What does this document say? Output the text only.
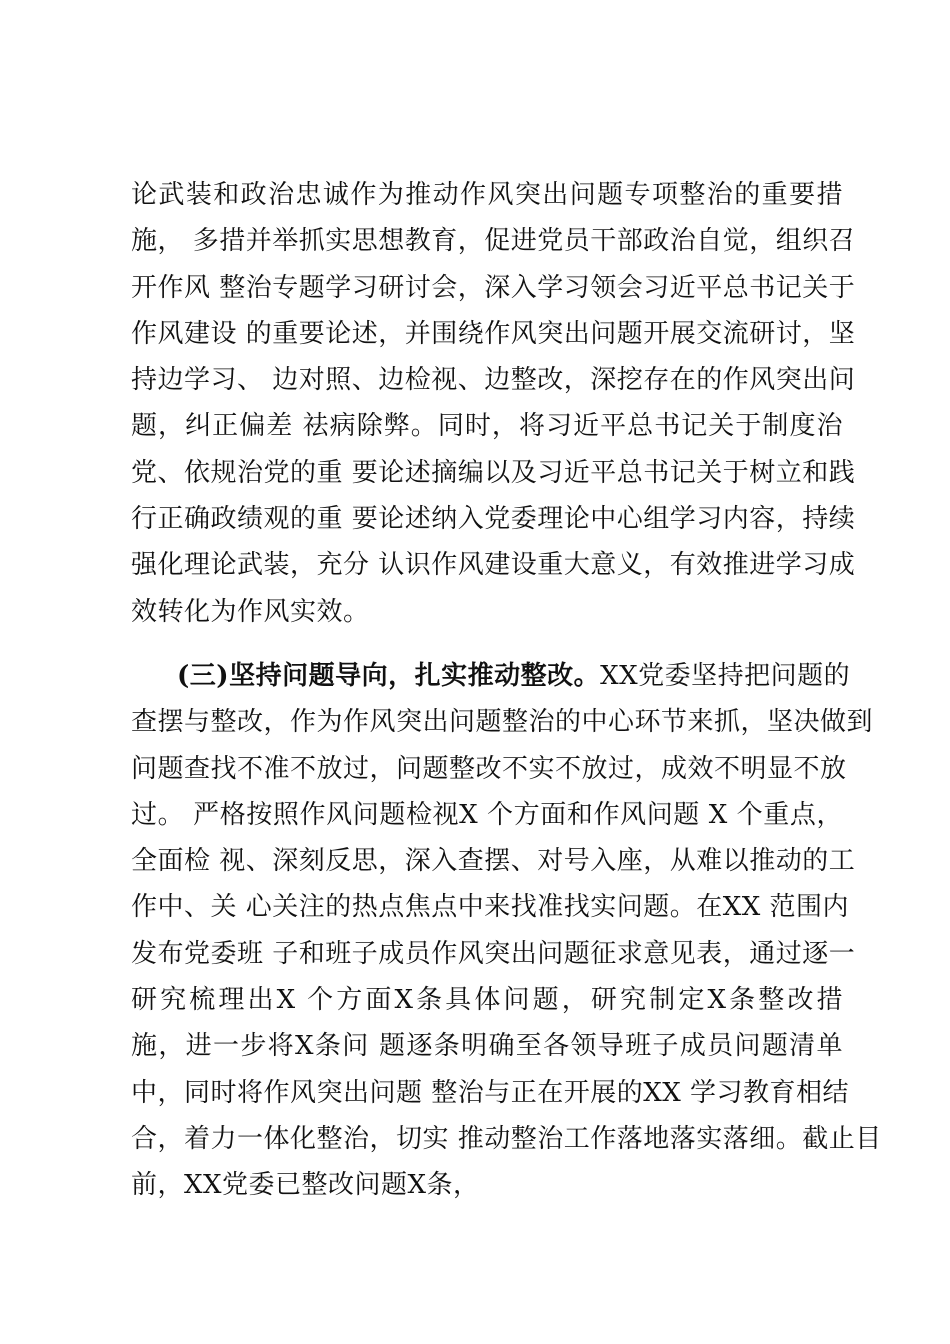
论武装和政治忠诚作为推动作风突出问题专项整治的重要措
施， 多措并举抓实思想教育，促进党员干部政治自觉，组织召
开作风 整治专题学习研讨会，深入学习领会习近平总书记关于
作风建设 的重要论述，并围绕作风突出问题开展交流研讨，坚
持边学习、 边对照、边检视、边整改，深挖存在的作风突出问
题，纠正偏差 祛病除弊。同时，将习近平总书记关于制度治
党、依规治党的重 要论述摘编以及习近平总书记关于树立和践
行正确政绩观的重 要论述纳入党委理论中心组学习内容，持续
强化理论武装，充分 认识作风建设重大意义，有效推进学习成
效转化为作风实效。
(三)坚持问题导向，扎实推动整改。XX党委坚持把问题的
查摆与整改，作为作风突出问题整治的中心环节来抓，坚决做到
问题查找不准不放过，问题整改不实不放过，成效不明显不放
过。 严格按照作风问题检视X 个方面和作风问题 X 个重点，
全面检 视、深刻反思，深入查摆、对号入座，从难以推动的工
作中、关 心关注的热点焦点中来找准找实问题。在XX 范围内
发布党委班 子和班子成员作风突出问题征求意见表，通过逐一
研究梳理出X 个方面X条具体问题，研究制定X条整改措
施，进一步将X条问 题逐条明确至各领导班子成员问题清单
中，同时将作风突出问题 整治与正在开展的XX 学习教育相结
合，着力一体化整治，切实 推动整治工作落地落实落细。截止目
前，XX党委已整改问题X条，
